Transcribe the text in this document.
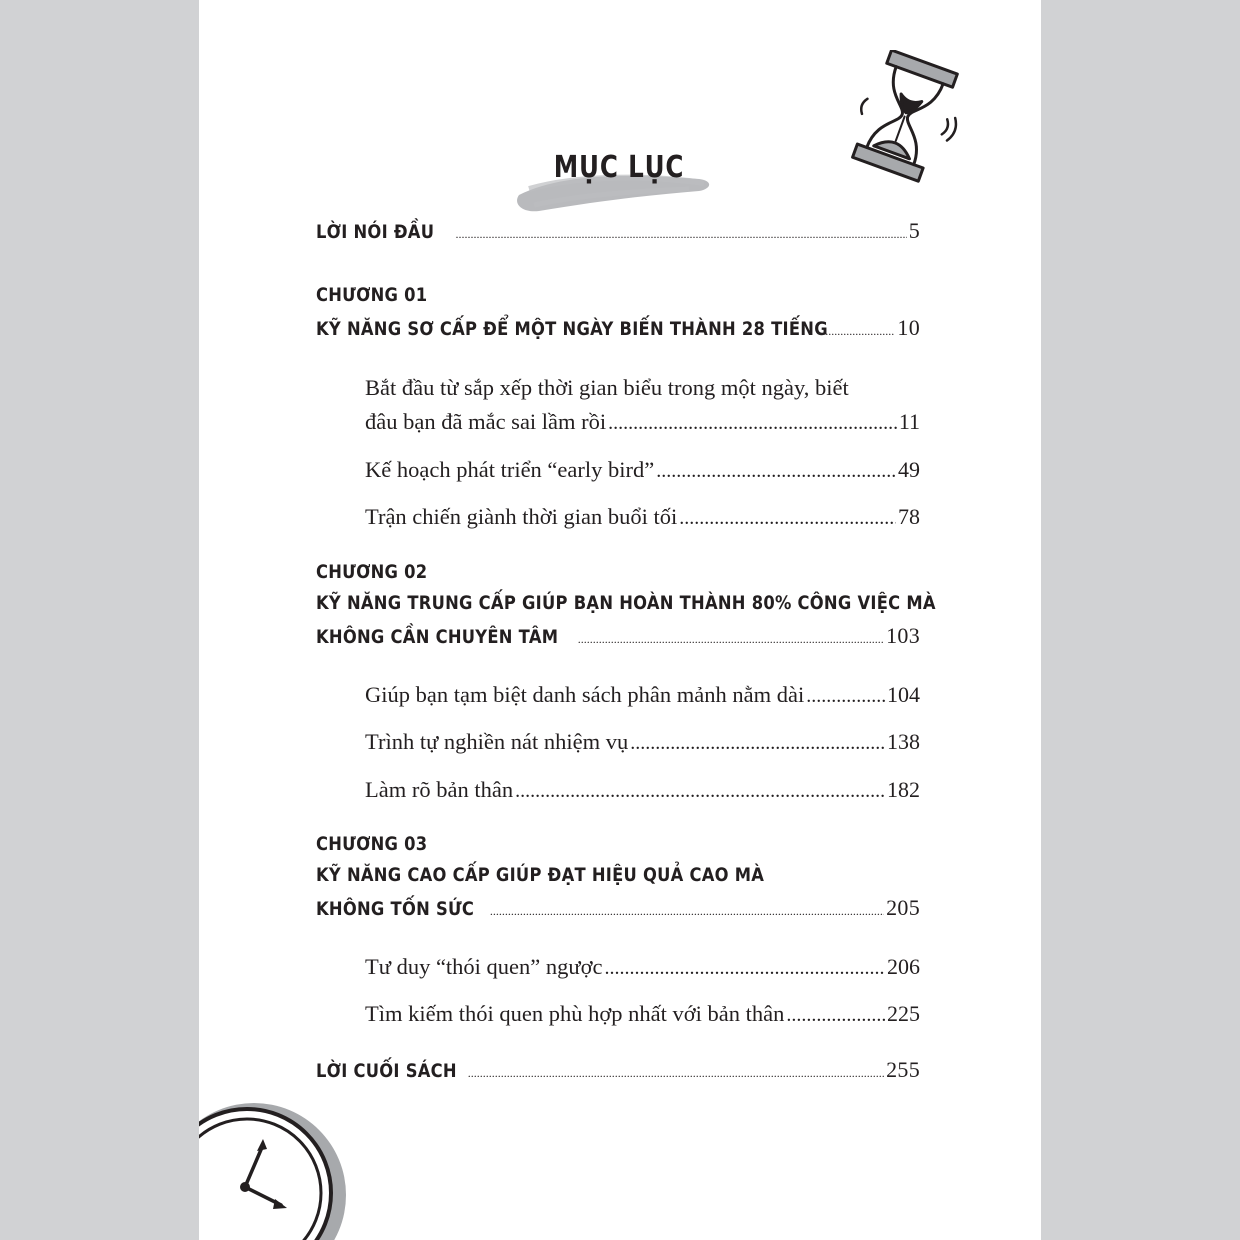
MỤC LỤC
LỜI NÓI ĐẦU .....	5
CHƯƠNG 01
KỸ NĂNG SƠ CẤP ĐỂ MỘT NGÀY BIẾN THÀNH 28 TIẾNG .....	10
Bắt đầu từ sắp xếp thời gian biểu trong một ngày, biết
đâu bạn đã mắc sai lầm rồi .....	11
Kế hoạch phát triển “early bird” .....	49
Trận chiến giành thời gian buổi tối .....	78
CHƯƠNG 02
KỸ NĂNG TRUNG CẤP GIÚP BẠN HOÀN THÀNH 80% CÔNG VIỆC MÀ
KHÔNG CẦN CHUYÊN TÂM .....	103
Giúp bạn tạm biệt danh sách phân mảnh nằm dài .....	104
Trình tự nghiền nát nhiệm vụ .....	138
Làm rõ bản thân .....	182
CHƯƠNG 03
KỸ NĂNG CAO CẤP GIÚP ĐẠT HIỆU QUẢ CAO MÀ
KHÔNG TỐN SỨC .....	205
Tư duy “thói quen” ngược .....	206
Tìm kiếm thói quen phù hợp nhất với bản thân .....	225
LỜI CUỐI SÁCH .....	255
